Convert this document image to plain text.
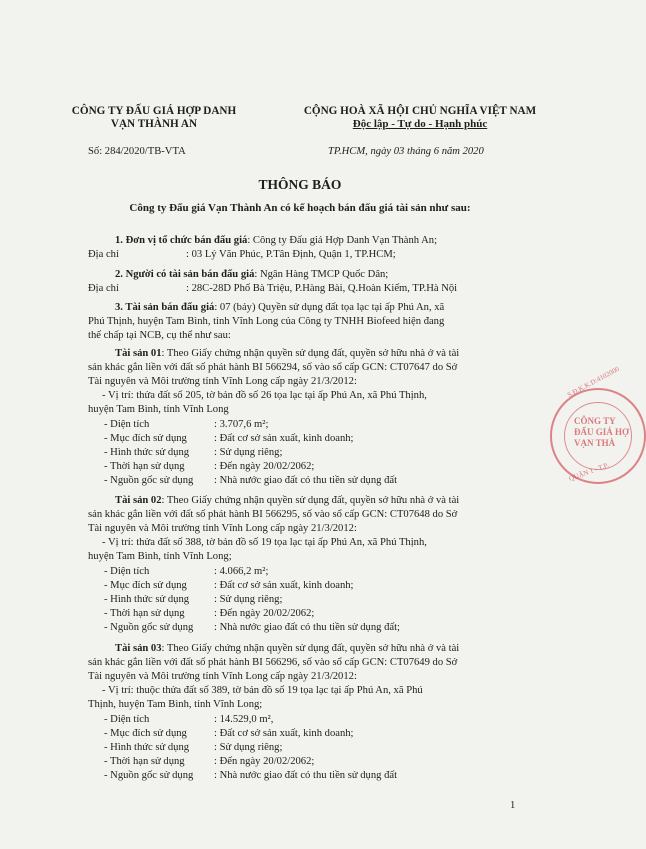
CÔNG TY ĐẤU GIÁ HỢP DANH
VẠN THÀNH AN
CỘNG HOÀ XÃ HỘI CHỦ NGHĨA VIỆT NAM
Độc lập - Tự do - Hạnh phúc
Số: 284/2020/TB-VTA	TP.HCM, ngày 03 tháng 6 năm 2020
THÔNG BÁO
Công ty Đấu giá Vạn Thành An có kế hoạch bán đấu giá tài sản như sau:
1. Đơn vị tổ chức bán đấu giá: Công ty Đấu giá Hợp Danh Vạn Thành An;
Địa chỉ	: 03 Lý Văn Phúc, P.Tân Định, Quận 1, TP.HCM;
2. Người có tài sản bán đấu giá: Ngân Hàng TMCP Quốc Dân;
Địa chỉ	: 28C-28D Phố Bà Triệu, P.Hàng Bài, Q.Hoàn Kiếm, TP.Hà Nội
3. Tài sản bán đấu giá: 07 (bảy) Quyền sử dụng đất tọa lạc tại ấp Phú An, xã
Phú Thịnh, huyện Tam Bình, tỉnh Vĩnh Long của Công ty TNHH Biofeed hiện đang
thế chấp tại NCB, cụ thể như sau:
Tài sản 01: Theo Giấy chứng nhận quyền sử dụng đất, quyền sở hữu nhà ở và tài
sản khác gắn liền với đất số phát hành BI 566294, số vào sổ cấp GCN: CT07647 do Sở
Tài nguyên và Môi trường tỉnh Vĩnh Long cấp ngày 21/3/2012:
- Vị trí: thửa đất số 205, tờ bản đồ số 26 tọa lạc tại ấp Phú An, xã Phú Thịnh,
huyện Tam Bình, tỉnh Vĩnh Long
- Diện tích	: 3.707,6 m²;
- Mục đích sử dụng	: Đất cơ sở sản xuất, kinh doanh;
- Hình thức sử dụng : Sử dụng riêng;
- Thời hạn sử dụng	: Đến ngày 20/02/2062;
- Nguồn gốc sử dụng : Nhà nước giao đất có thu tiền sử dụng đất
Tài sản 02: Theo Giấy chứng nhận quyền sử dụng đất, quyền sở hữu nhà ở và tài
sản khác gắn liền với đất số phát hành BI 566295, số vào sổ cấp GCN: CT07648 do Sở
Tài nguyên và Môi trường tỉnh Vĩnh Long cấp ngày 21/3/2012:
- Vị trí: thửa đất số 388, tờ bản đồ số 19 tọa lạc tại ấp Phú An, xã Phú Thịnh,
huyện Tam Bình, tỉnh Vĩnh Long;
- Diện tích	: 4.066,2 m²;
- Mục đích sử dụng	: Đất cơ sở sản xuất, kinh doanh;
- Hình thức sử dụng : Sử dụng riêng;
- Thời hạn sử dụng	: Đến ngày 20/02/2062;
- Nguồn gốc sử dụng : Nhà nước giao đất có thu tiền sử dụng đất;
Tài sản 03: Theo Giấy chứng nhận quyền sử dụng đất, quyền sở hữu nhà ở và tài
sản khác gắn liền với đất số phát hành BI 566296, số vào sổ cấp GCN: CT07649 do Sở
Tài nguyên và Môi trường tỉnh Vĩnh Long cấp ngày 21/3/2012:
- Vị trí: thuộc thửa đất số 389, tờ bản đồ số 19 tọa lạc tại ấp Phú An, xã Phú
Thịnh, huyện Tam Bình, tỉnh Vĩnh Long;
- Diện tích	: 14.529,0 m²,
- Mục đích sử dụng	: Đất cơ sở sản xuất, kinh doanh;
- Hình thức sử dụng : Sử dụng riêng;
- Thời hạn sử dụng	: Đến ngày 20/02/2062;
- Nguồn gốc sử dụng : Nhà nước giao đất có thu tiền sử dụng đất
1
S.Đ.K.K.D:4102000
CÔNG TY
ĐẤU GIÁ HỢ
VẠN THÀ
QUẬN 1 - T.P.
